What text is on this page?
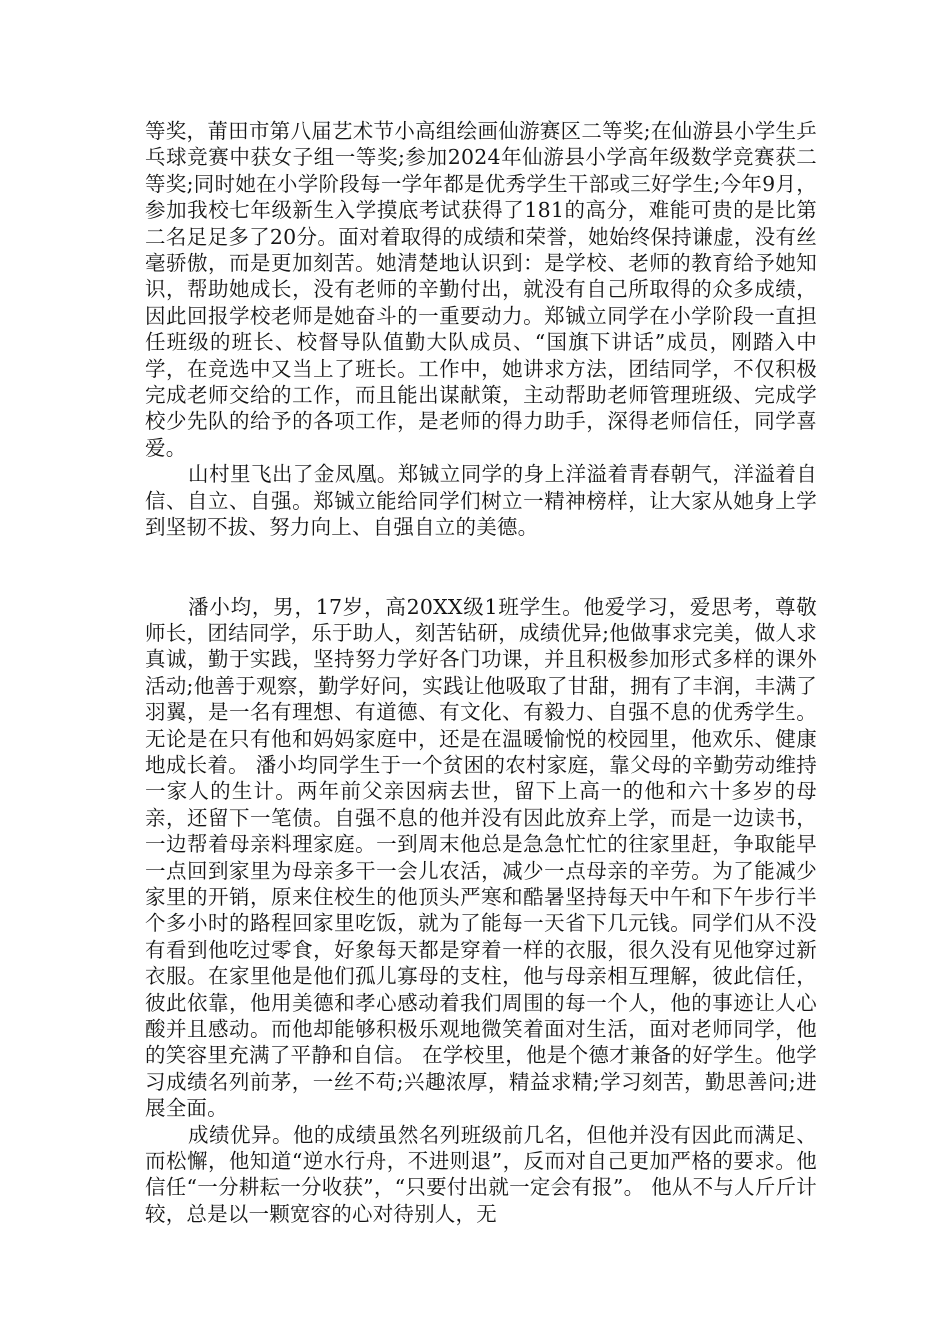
等奖，莆田市第八届艺术节小高组绘画仙游赛区二等奖;在仙游县小学生乒乓球竞赛中获女子组一等奖;参加2024年仙游县小学高年级数学竞赛获二等奖;同时她在小学阶段每一学年都是优秀学生干部或三好学生;今年9月，参加我校七年级新生入学摸底考试获得了181的高分，难能可贵的是比第二名足足多了20分。面对着取得的成绩和荣誉，她始终保持谦虚，没有丝毫骄傲，而是更加刻苦。她清楚地认识到：是学校、老师的教育给予她知识，帮助她成长，没有老师的辛勤付出，就没有自己所取得的众多成绩，因此回报学校老师是她奋斗的一重要动力。郑铖立同学在小学阶段一直担任班级的班长、校督导队值勤大队成员、“国旗下讲话”成员，刚踏入中学，在竞选中又当上了班长。工作中，她讲求方法，团结同学，不仅积极完成老师交给的工作，而且能出谋献策，主动帮助老师管理班级、完成学校少先队的给予的各项工作，是老师的得力助手，深得老师信任，同学喜爱。

山村里飞出了金凤凰。郑铖立同学的身上洋溢着青春朝气，洋溢着自信、自立、自强。郑铖立能给同学们树立一精神榜样，让大家从她身上学到坚韧不拔、努力向上、自强自立的美德。

潘小均，男，17岁，高20XX级1班学生。他爱学习，爱思考，尊敬师长，团结同学，乐于助人，刻苦钻研，成绩优异;他做事求完美，做人求真诚，勤于实践，坚持努力学好各门功课，并且积极参加形式多样的课外活动;他善于观察，勤学好问，实践让他吸取了甘甜，拥有了丰润，丰满了羽翼，是一名有理想、有道德、有文化、有毅力、自强不息的优秀学生。无论是在只有他和妈妈家庭中，还是在温暖愉悦的校园里，他欢乐、健康地成长着。 潘小均同学生于一个贫困的农村家庭，靠父母的辛勤劳动维持一家人的生计。两年前父亲因病去世，留下上高一的他和六十多岁的母亲，还留下一笔债。自强不息的他并没有因此放弃上学，而是一边读书，一边帮着母亲料理家庭。一到周末他总是急急忙忙的往家里赶，争取能早一点回到家里为母亲多干一会儿农活，减少一点母亲的辛劳。为了能减少家里的开销，原来住校生的他顶头严寒和酷暑坚持每天中午和下午步行半个多小时的路程回家里吃饭，就为了能每一天省下几元钱。同学们从不没有看到他吃过零食，好象每天都是穿着一样的衣服，很久没有见他穿过新衣服。在家里他是他们孤儿寡母的支柱，他与母亲相互理解，彼此信任，彼此依靠，他用美德和孝心感动着我们周围的每一个人，他的事迹让人心酸并且感动。而他却能够积极乐观地微笑着面对生活，面对老师同学，他的笑容里充满了平静和自信。 在学校里，他是个德才兼备的好学生。他学习成绩名列前茅，一丝不苟;兴趣浓厚，精益求精;学习刻苦，勤思善问;进展全面。

成绩优异。他的成绩虽然名列班级前几名，但他并没有因此而满足、而松懈，他知道“逆水行舟，不进则退”，反而对自己更加严格的要求。他信任“一分耕耘一分收获”，“只要付出就一定会有报”。 他从不与人斤斤计较，总是以一颗宽容的心对待别人，无
